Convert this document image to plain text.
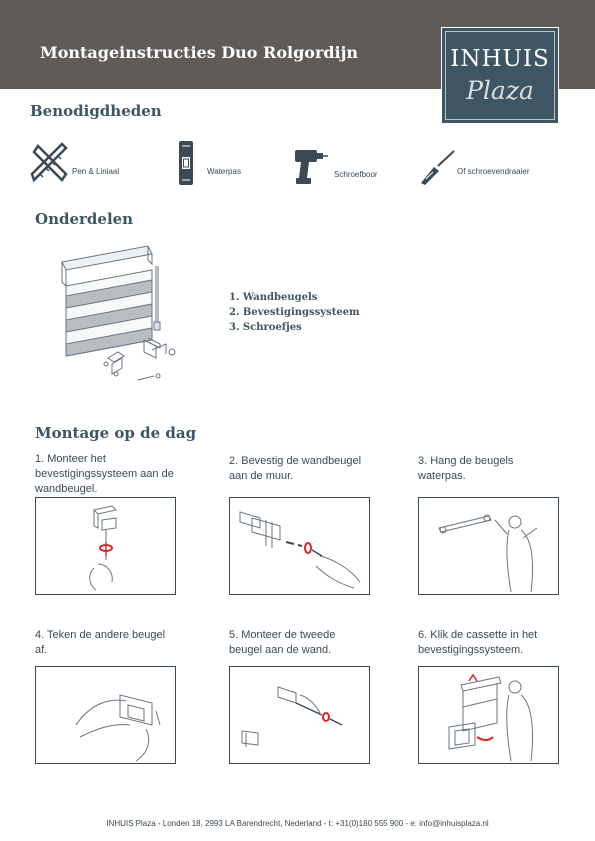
Montageinstructies Duo Rolgordijn	INHUIS
Plaza
Benodigdheden
Pen & Liniaal	Waterpas	Schroefboor	Of schroevendraaier
Onderdelen
1. Wandbeugels
2. Bevestigingssysteem
3. Schroefjes
Montage op de dag
1. Monteer het bevestigingssysteem aan de wandbeugel.
2. Bevestig de wandbeugel aan de muur.
3. Hang de beugels waterpas.
4. Teken de andere beugel af.
5. Monteer de tweede beugel aan de wand.
6. Klik de cassette in het bevestigingssysteem.
INHUIS Plaza - Londen 18, 2993 LA Barendrecht, Nederland - t: +31(0)180 555 900 - e: info@inhuisplaza.nl
